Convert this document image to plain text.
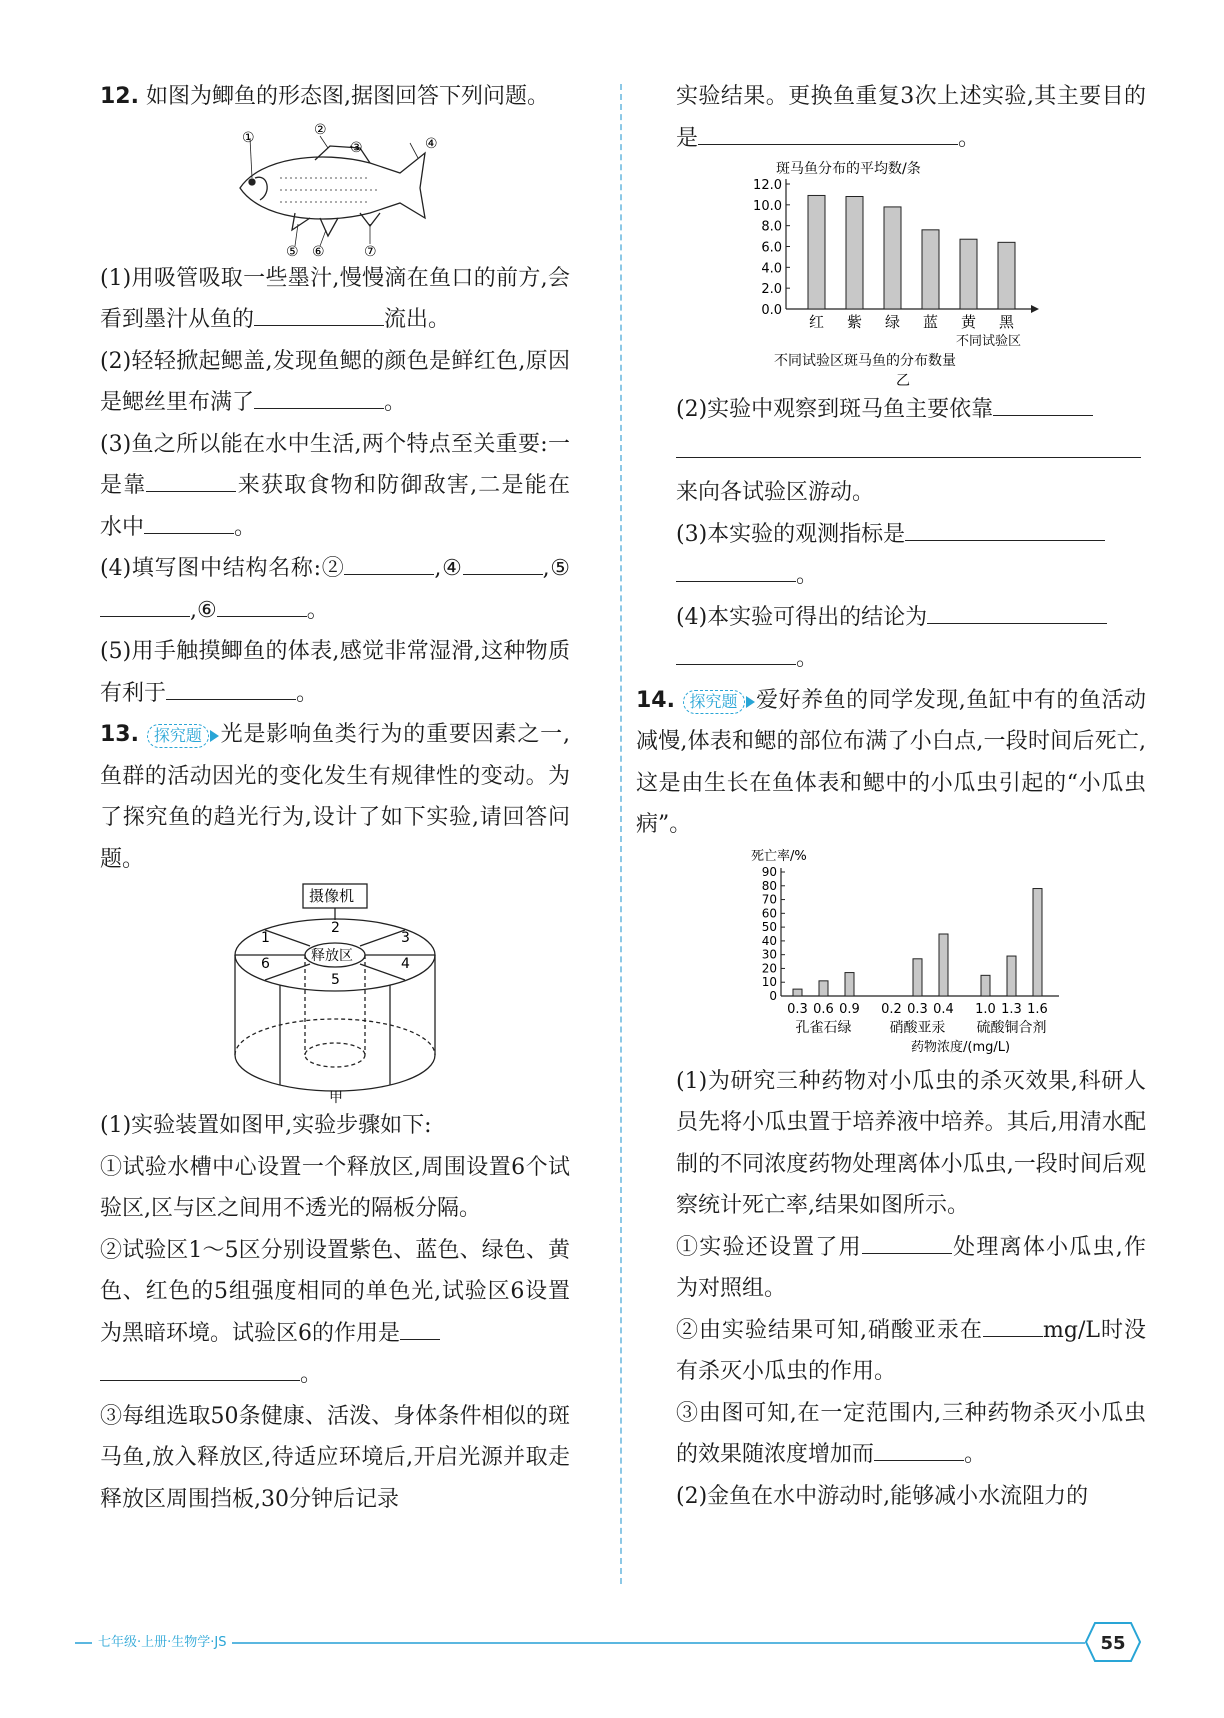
12. 如图为鲫鱼的形态图,据图回答下列问题。

①	②
③	④
⑤ ⑥	⑦

(1)用吸管吸取一些墨汁,慢慢滴在鱼口的前方,会看到墨汁从鱼的	流出。

(2)轻轻掀起鳃盖,发现鱼鳃的颜色是鲜红色,原因是鳃丝里布满了	。

(3)鱼之所以能在水中生活,两个特点至关重要:一是靠	来获取食物和防御敌害,二是能在水中	。

(4)填写图中结构名称:②	,④	,⑤,⑥	。

(5)用手触摸鲫鱼的体表,感觉非常湿滑,这种物质有利于	。

13. 探究题 光是影响鱼类行为的重要因素之一,鱼群的活动因光的变化发生有规律性的变动。为了探究鱼的趋光行为,设计了如下实验,请回答问题。

摄像机
释放区
1
2
3
4
5
6
甲

(1)实验装置如图甲,实验步骤如下:

①试验水槽中心设置一个释放区,周围设置6个试验区,区与区之间用不透光的隔板分隔。

②试验区1～5区分别设置紫色、蓝色、绿色、黄色、红色的5组强度相同的单色光,试验区6设置为黑暗环境。试验区6的作用是
。

③每组选取50条健康、活泼、身体条件相似的斑马鱼,放入释放区,待适应环境后,开启光源并取走释放区周围挡板,30分钟后记录

实验结果。更换鱼重复3次上述实验,其主要目的是	。

斑马鱼分布的平均数/条
0.0
2.0
4.0
6.0
8.0
10.0
12.0
红 紫 绿 蓝 黄 黑
不同试验区
不同试验区斑马鱼的分布数量
乙

(2)实验中观察到斑马鱼主要依靠

来向各试验区游动。

(3)本实验的观测指标是
。

(4)本实验可得出的结论为
。

14. 探究题 爱好养鱼的同学发现,鱼缸中有的鱼活动减慢,体表和鳃的部位布满了小白点,一段时间后死亡,这是由生长在鱼体表和鳃中的小瓜虫引起的“小瓜虫病”。

死亡率/%
0
10
20
30
40
50
60
70
80
90
0.3 0.6 0.9
孔雀石绿
0.2 0.3 0.4
硝酸亚汞
1.0 1.3 1.6
硫酸铜合剂
药物浓度/(mg/L)

(1)为研究三种药物对小瓜虫的杀灭效果,科研人员先将小瓜虫置于培养液中培养。其后,用清水配制的不同浓度药物处理离体小瓜虫,一段时间后观察统计死亡率,结果如图所示。

①实验还设置了用	处理离体小瓜虫,作为对照组。

②由实验结果可知,硝酸亚汞在	mg/L时没有杀灭小瓜虫的作用。

③由图可知,在一定范围内,三种药物杀灭小瓜虫的效果随浓度增加而	。

(2)金鱼在水中游动时,能够减小水流阻力的

七年级·上册·生物学·JS	55
